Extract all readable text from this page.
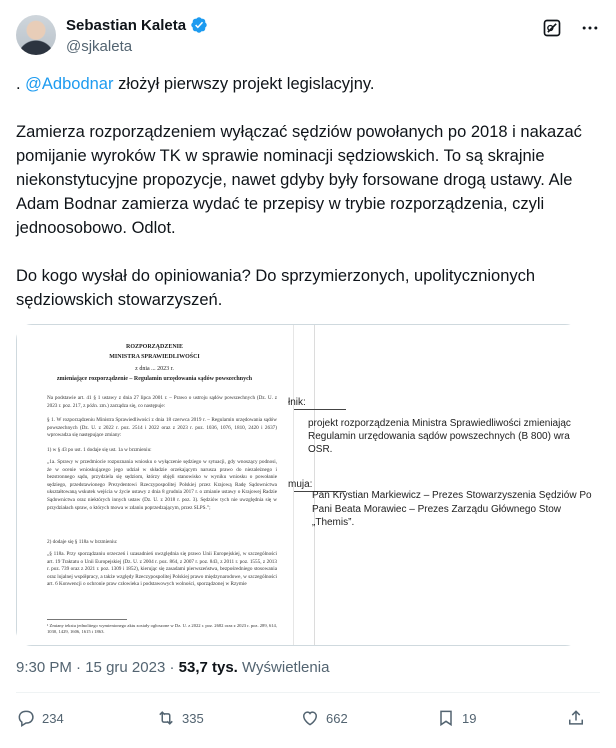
Sebastian Kaleta
@sjkaleta

. @Adbodnar złożył pierwszy projekt legislacyjny.

Zamierza rozporządzeniem wyłączać sędziów powołanych po 2018 i nakazać pomijanie wyroków TK w sprawie nominacji sędziowskich. To są skrajnie niekonstytucyjne propozycje, nawet gdyby były forsowane drogą ustawy. Ale Adam Bodnar zamierza wydać te przepisy w trybie rozporządzenia, czyli jednoosobowo. Odlot.

Do kogo wysłał do opiniowania? Do sprzymierzonych, upolitycznionych sędziowskich stowarzyszeń.

ROZPORZĄDZENIE
MINISTRA SPRAWIEDLIWOŚCI
z dnia ... 2023 r.
zmieniające rozporządzenie – Regulamin urzędowania sądów powszechnych
Na podstawie art. 41 § 1 ustawy z dnia 27 lipca 2001 r. – Prawo o ustroju sądów powszechnych (Dz. U. z 2023 r. poz. 217, z późn. zm.) zarządza się, co następuje:
§ 1. W rozporządzeniu Ministra Sprawiedliwości z dnia 18 czerwca 2019 r. – Regulamin urzędowania sądów powszechnych (Dz. U. z 2022 r. poz. 2514 i 2022 oraz z 2023 r. poz. 1036, 1076, 1810, 2420 i 2637) wprowadza się następujące zmiany:
1) w § 43 po ust. 1 dodaje się ust. 1a w brzmieniu:
„1a. Sprawy w przedmiocie rozpoznania wniosku o wyłączenie sędziego w sytuacji, gdy wnoszący podnosi, że w ocenie wnioskującego jego udział w składzie orzekającym narusza prawo do niezależnego i bezstronnego sądu, przydziela się sędziom, którzy objęli stanowisko w wyniku wniosku o powołanie sędziego, przedstawionego Prezydentowi Rzeczypospolitej Polskiej przez Krajową Radę Sądownictwa ukształtowaną wskutek wejścia w życie ustawy z dnia 8 grudnia 2017 r. o zmianie ustawy o Krajowej Radzie Sądownictwa oraz niektórych innych ustaw (Dz. U. z 2018 r. poz. 3). Sędziów tych nie uwzględnia się w przydziałach spraw, o których mowa w zdaniu poprzedzającym, przez SLPS.”;
2) dodaje się § 118a w brzmieniu:
„§ 118a. Przy sporządzaniu orzeczeń i uzasadnień uwzględnia się prawo Unii Europejskiej, w szczególności art. 19 Traktatu o Unii Europejskiej (Dz. U. z 2004 r. poz. 864, z 2007 r. poz. 843, z 2011 r. poz. 1555, z 2013 r. poz. 739 oraz z 2021 r. poz. 1309 i 1852), kierując się zasadami pierwszeństwa, bezpośredniego stosowania oraz lojalnej współpracy, a także względy Rzeczypospolitej Polskiej prawo międzynarodowe, w szczególności art. 6 Konwencji o ochronie praw człowieka i podstawowych wolności, sporządzonej w Rzymie
¹ Zmiany tekstu jednolitego wymienionego aktu zostały ogłoszone w Dz. U. z 2022 r. poz. 2682 oraz z 2023 r. poz. 289, 614, 1030, 1429, 1606, 1615 i 1863.
łnik:
projekt rozporządzenia Ministra Sprawiedliwości zmieniając
Regulamin urzędowania sądów powszechnych (B 800) wra
OSR.
muja:
Pan Krystian Markiewicz – Prezes Stowarzyszenia Sędziów Po
Pani Beata Morawiec – Prezes Zarządu Głównego Stow
„Themis”.
9:30 PM · 15 gru 2023 · 53,7 tys. Wyświetlenia
234	335	662	19
